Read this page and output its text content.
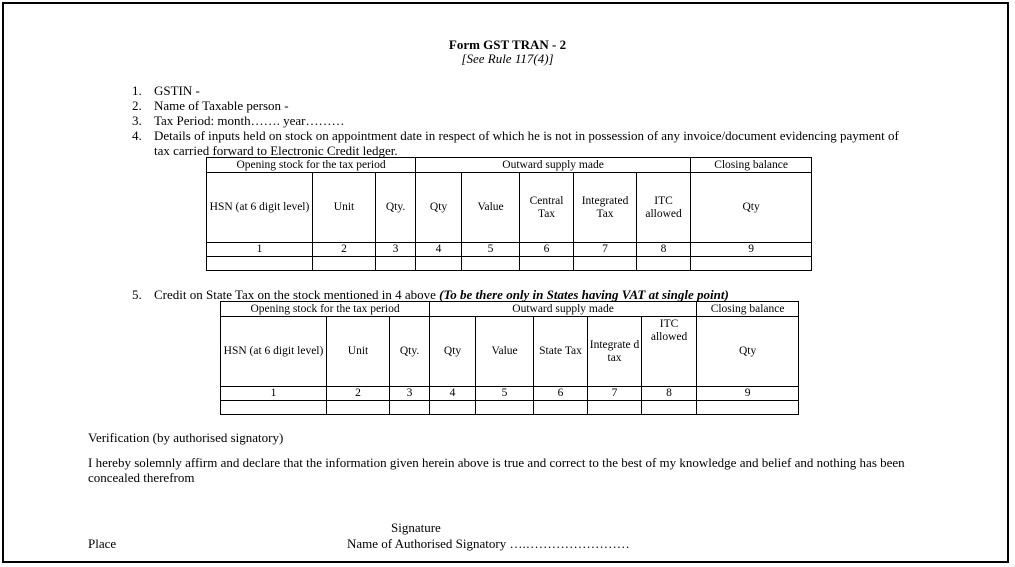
Form GST TRAN - 2
[See Rule 117(4)]
1. GSTIN -
2. Name of Taxable person -
3. Tax Period: month……. year………
4. Details of inputs held on stock on appointment date in respect of which he is not in possession of any invoice/document evidencing payment of
tax carried forward to Electronic Credit ledger.
Opening stock for the tax period			Outward supply made					Closing balance
HSN (at 6 digit level)	Unit	Qty.	Qty	Value	Central Tax	Integrated Tax	ITC allowed	Qty
1	2	3	4	5	6	7	8	9

5. Credit on State Tax on the stock mentioned in 4 above (To be there only in States having VAT at single point)
Opening stock for the tax period			Outward supply made					Closing balance
HSN (at 6 digit level)	Unit	Qty.	Qty	Value	State Tax	Integrate d tax	ITC allowed	Qty
1	2	3	4	5	6	7	8	9

Verification (by authorised signatory)
I hereby solemnly affirm and declare that the information given herein above is true and correct to the best of my knowledge and belief and nothing has been concealed therefrom
Signature
Place	Name of Authorised Signatory ….……………………
